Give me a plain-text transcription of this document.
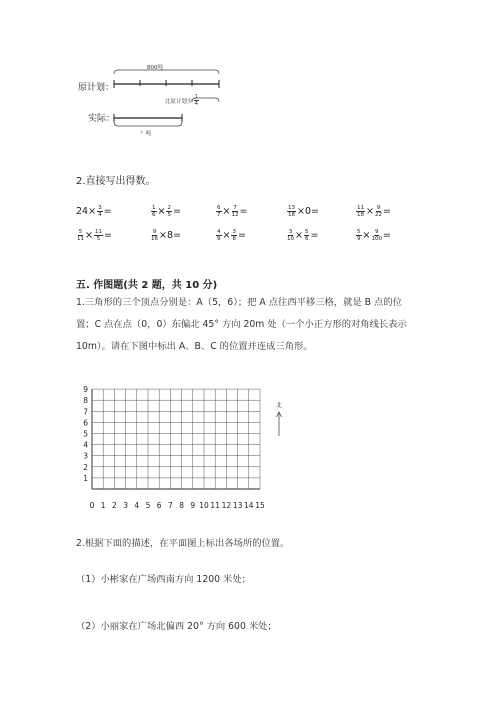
800吨
原计划：
实际：
比原计划少 $\frac{1}{4}$
？吨
2.直接写出得数。
$24\times \frac{3}{4}$ =	$\frac{1}{6} \times \frac{2}{5}$ =	$\frac{6}{7} \times \frac{7}{12}$ =	$\frac{13}{18} \times 0$ =	$\frac{11}{18} \times \frac{9}{22}$ =
$\frac{5}{11} \times \frac{11}{5}$ =	$\frac{9}{16} \times 8$ =	$\frac{4}{9} \times \frac{3}{8}$ =	$\frac{3}{10} \times \frac{5}{6}$ =	$\frac{5}{9} \times \frac{9}{100}$ =
五. 作图题(共 2 题，共 10 分)
1.三角形的三个顶点分别是：A（5，6）；把 A 点往西平移三格，就是 B 点的位
置；C 点在点（0，0）东偏北 45° 方向 20m 处（一个小正方形的对角线长表示
10m）。请在下图中标出 A、B、C 的位置并连成三角形。
0 1 2 3 4 5 6 7 8 9 10 11 12 13 14 15
1
2
3
4
5
6
7
8
9
北
2.根据下面的描述，在平面图上标出各场所的位置。
（1）小彬家在广场西南方向 1200 米处；
（2）小丽家在广场北偏西 20° 方向 600 米处；
